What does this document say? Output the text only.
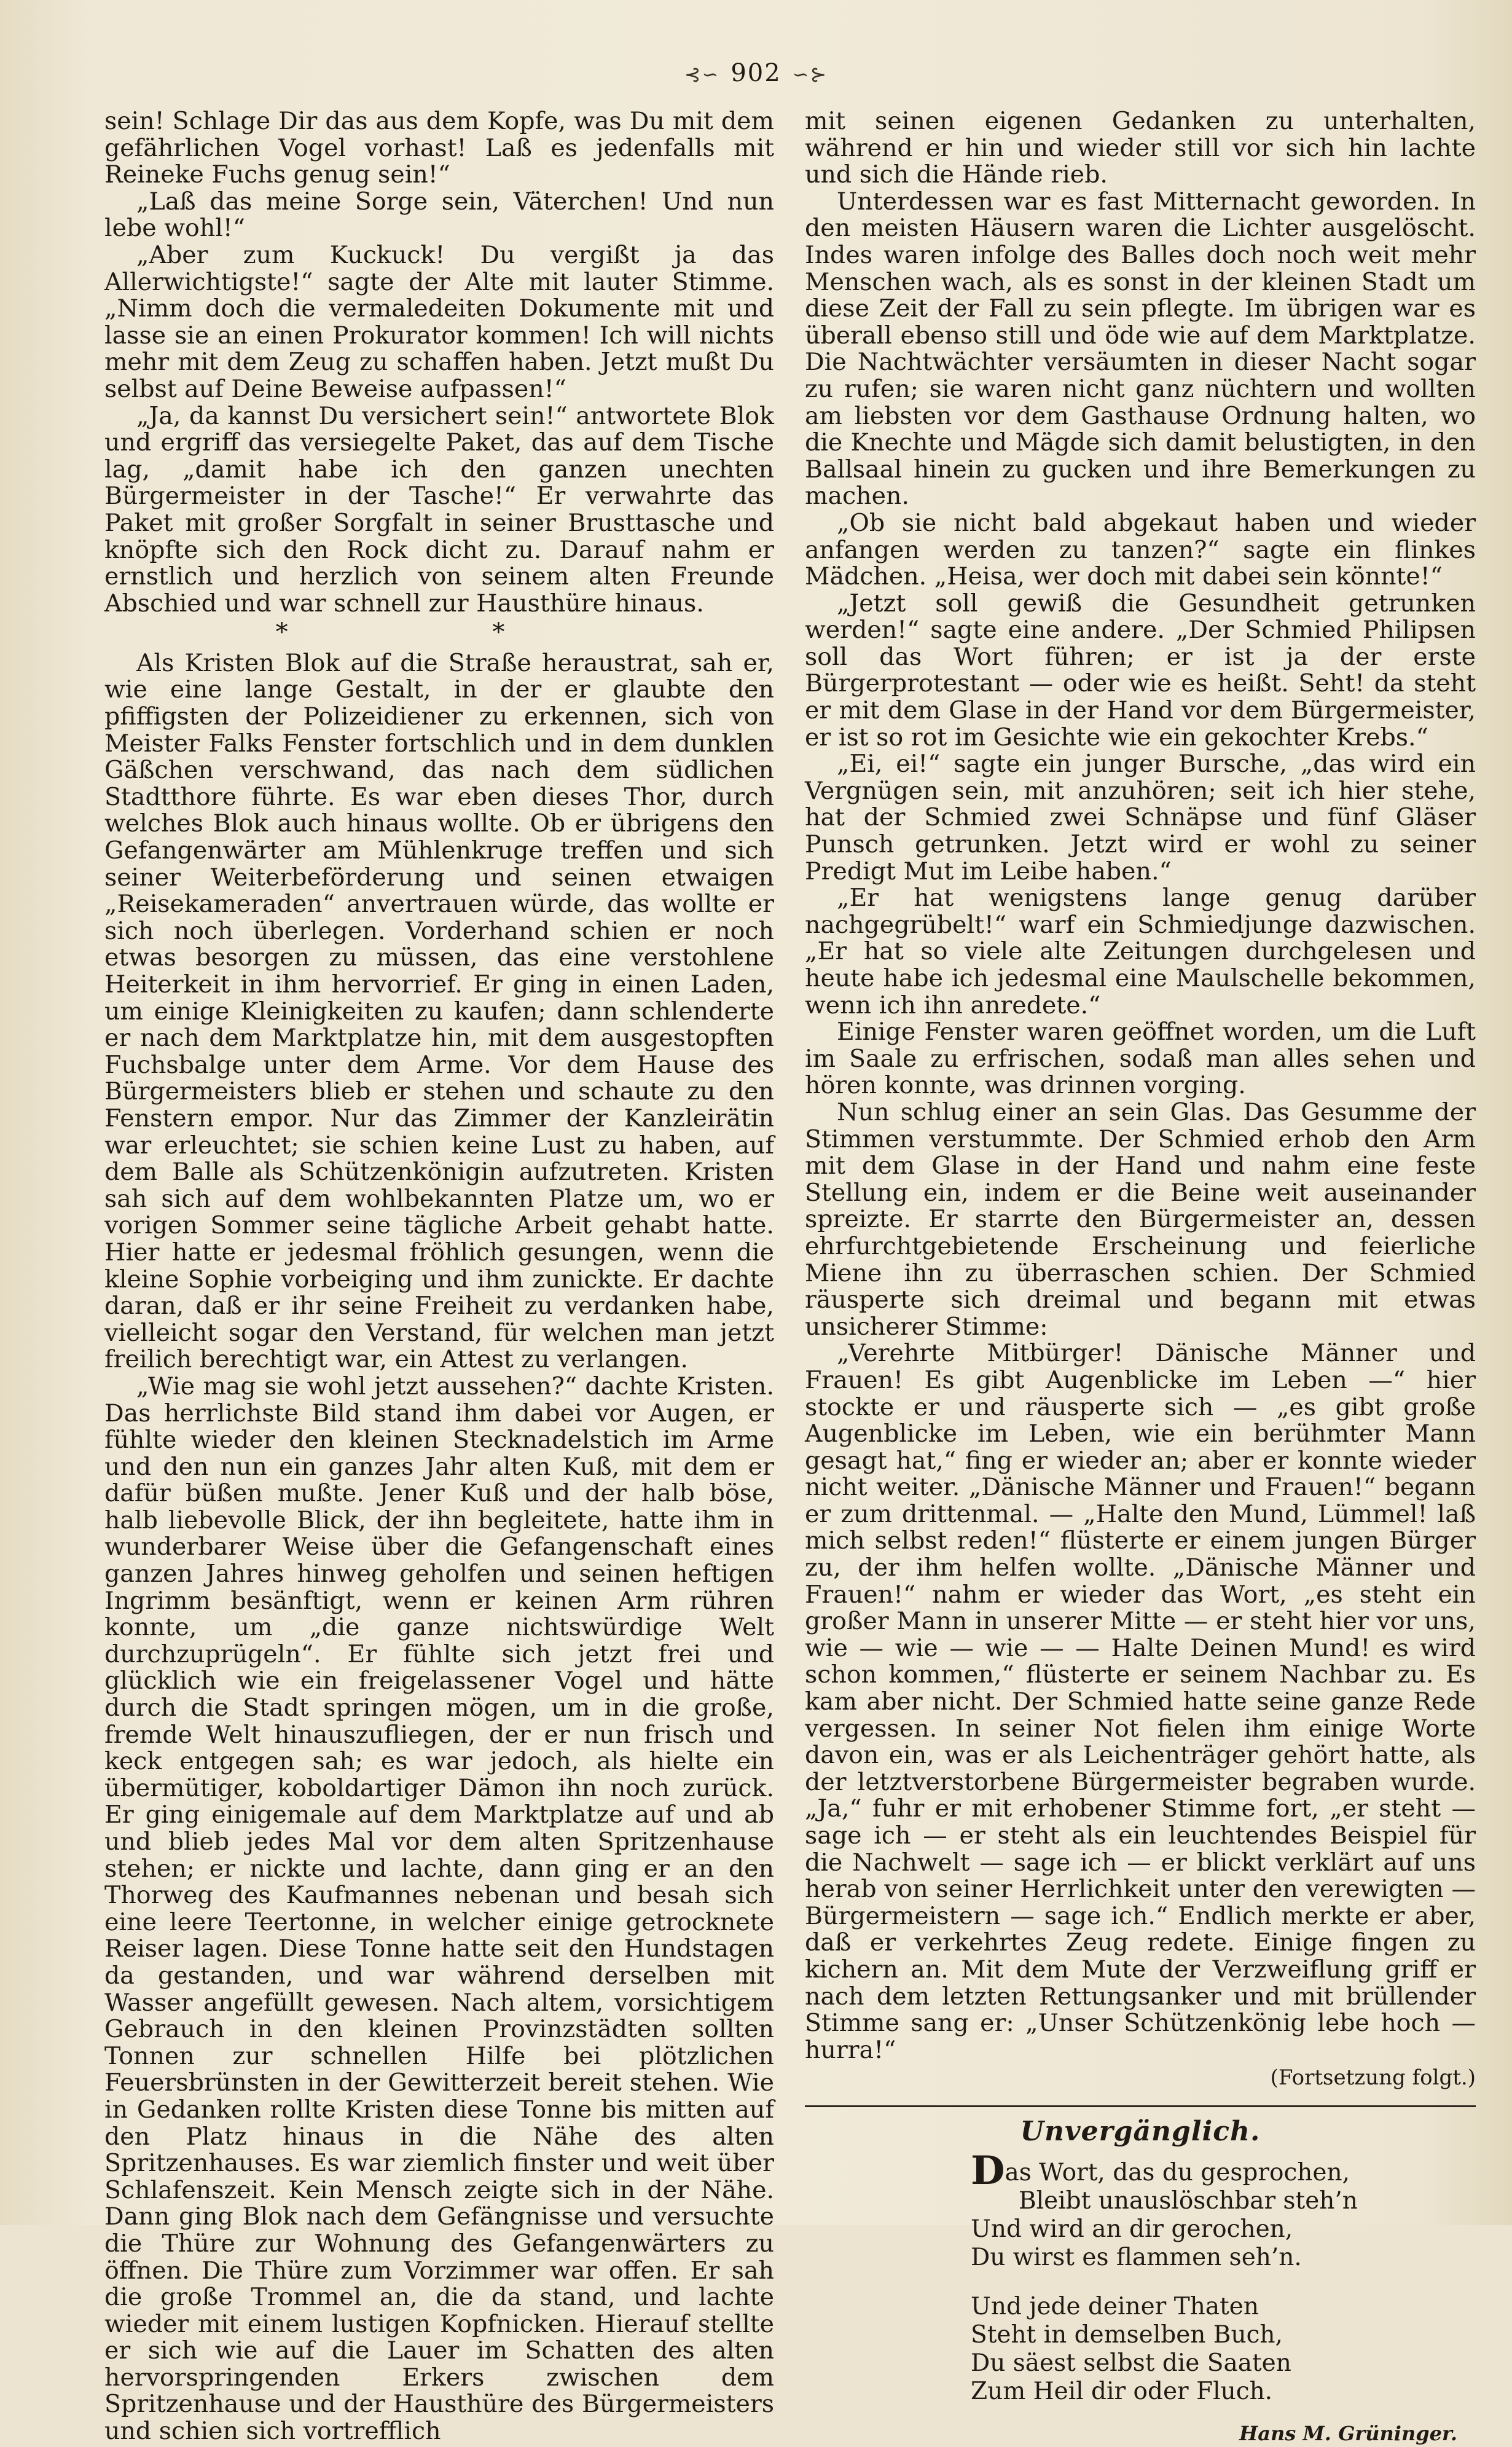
⊰∽ 902 ∽⊱

sein! Schlage Dir das aus dem Kopfe, was Du mit dem gefährlichen Vogel vorhast! Laß es jedenfalls mit Reineke Fuchs genug sein!“

„Laß das meine Sorge sein, Väterchen! Und nun lebe wohl!“

„Aber zum Kuckuck! Du vergißt ja das Allerwichtigste!“ sagte der Alte mit lauter Stimme. „Nimm doch die vermaledeiten Dokumente mit und lasse sie an einen Prokurator kommen! Ich will nichts mehr mit dem Zeug zu schaffen haben. Jetzt mußt Du selbst auf Deine Beweise aufpassen!“

„Ja, da kannst Du versichert sein!“ antwortete Blok und ergriff das versiegelte Paket, das auf dem Tische lag, „damit habe ich den ganzen unechten Bürgermeister in der Tasche!“ Er verwahrte das Paket mit großer Sorgfalt in seiner Brusttasche und knöpfte sich den Rock dicht zu. Darauf nahm er ernstlich und herzlich von seinem alten Freunde Abschied und war schnell zur Hausthüre hinaus.

* *

Als Kristen Blok auf die Straße heraustrat, sah er, wie eine lange Gestalt, in der er glaubte den pfiffigsten der Polizeidiener zu erkennen, sich von Meister Falks Fenster fortschlich und in dem dunklen Gäßchen verschwand, das nach dem südlichen Stadtthore führte. Es war eben dieses Thor, durch welches Blok auch hinaus wollte. Ob er übrigens den Gefangenwärter am Mühlenkruge treffen und sich seiner Weiterbeförderung und seinen etwaigen „Reisekameraden“ anvertrauen würde, das wollte er sich noch überlegen. Vorderhand schien er noch etwas besorgen zu müssen, das eine verstohlene Heiterkeit in ihm hervorrief. Er ging in einen Laden, um einige Kleinigkeiten zu kaufen; dann schlenderte er nach dem Marktplatze hin, mit dem ausgestopften Fuchsbalge unter dem Arme. Vor dem Hause des Bürgermeisters blieb er stehen und schaute zu den Fenstern empor. Nur das Zimmer der Kanzleirätin war erleuchtet; sie schien keine Lust zu haben, auf dem Balle als Schützenkönigin aufzutreten. Kristen sah sich auf dem wohlbekannten Platze um, wo er vorigen Sommer seine tägliche Arbeit gehabt hatte. Hier hatte er jedesmal fröhlich gesungen, wenn die kleine Sophie vorbeiging und ihm zunickte. Er dachte daran, daß er ihr seine Freiheit zu verdanken habe, vielleicht sogar den Verstand, für welchen man jetzt freilich berechtigt war, ein Attest zu verlangen.

„Wie mag sie wohl jetzt aussehen?“ dachte Kristen. Das herrlichste Bild stand ihm dabei vor Augen, er fühlte wieder den kleinen Stecknadelstich im Arme und den nun ein ganzes Jahr alten Kuß, mit dem er dafür büßen mußte. Jener Kuß und der halb böse, halb liebevolle Blick, der ihn begleitete, hatte ihm in wunderbarer Weise über die Gefangenschaft eines ganzen Jahres hinweg geholfen und seinen heftigen Ingrimm besänftigt, wenn er keinen Arm rühren konnte, um „die ganze nichtswürdige Welt durchzuprügeln“. Er fühlte sich jetzt frei und glücklich wie ein freigelassener Vogel und hätte durch die Stadt springen mögen, um in die große, fremde Welt hinauszufliegen, der er nun frisch und keck entgegen sah; es war jedoch, als hielte ein übermütiger, koboldartiger Dämon ihn noch zurück. Er ging einigemale auf dem Marktplatze auf und ab und blieb jedes Mal vor dem alten Spritzenhause stehen; er nickte und lachte, dann ging er an den Thorweg des Kaufmannes nebenan und besah sich eine leere Teertonne, in welcher einige getrocknete Reiser lagen. Diese Tonne hatte seit den Hundstagen da gestanden, und war während derselben mit Wasser angefüllt gewesen. Nach altem, vorsichtigem Gebrauch in den kleinen Provinzstädten sollten Tonnen zur schnellen Hilfe bei plötzlichen Feuersbrünsten in der Gewitterzeit bereit stehen. Wie in Gedanken rollte Kristen diese Tonne bis mitten auf den Platz hinaus in die Nähe des alten Spritzenhauses. Es war ziemlich finster und weit über Schlafenszeit. Kein Mensch zeigte sich in der Nähe. Dann ging Blok nach dem Gefängnisse und versuchte die Thüre zur Wohnung des Gefangenwärters zu öffnen. Die Thüre zum Vorzimmer war offen. Er sah die große Trommel an, die da stand, und lachte wieder mit einem lustigen Kopfnicken. Hierauf stellte er sich wie auf die Lauer im Schatten des alten hervorspringenden Erkers zwischen dem Spritzenhause und der Hausthüre des Bürgermeisters und schien sich vortrefflich

mit seinen eigenen Gedanken zu unterhalten, während er hin und wieder still vor sich hin lachte und sich die Hände rieb.

Unterdessen war es fast Mitternacht geworden. In den meisten Häusern waren die Lichter ausgelöscht. Indes waren infolge des Balles doch noch weit mehr Menschen wach, als es sonst in der kleinen Stadt um diese Zeit der Fall zu sein pflegte. Im übrigen war es überall ebenso still und öde wie auf dem Marktplatze. Die Nachtwächter versäumten in dieser Nacht sogar zu rufen; sie waren nicht ganz nüchtern und wollten am liebsten vor dem Gasthause Ordnung halten, wo die Knechte und Mägde sich damit belustigten, in den Ballsaal hinein zu gucken und ihre Bemerkungen zu machen.

„Ob sie nicht bald abgekaut haben und wieder anfangen werden zu tanzen?“ sagte ein flinkes Mädchen. „Heisa, wer doch mit dabei sein könnte!“

„Jetzt soll gewiß die Gesundheit getrunken werden!“ sagte eine andere. „Der Schmied Philipsen soll das Wort führen; er ist ja der erste Bürgerprotestant — oder wie es heißt. Seht! da steht er mit dem Glase in der Hand vor dem Bürgermeister, er ist so rot im Gesichte wie ein gekochter Krebs.“

„Ei, ei!“ sagte ein junger Bursche, „das wird ein Vergnügen sein, mit anzuhören; seit ich hier stehe, hat der Schmied zwei Schnäpse und fünf Gläser Punsch getrunken. Jetzt wird er wohl zu seiner Predigt Mut im Leibe haben.“

„Er hat wenigstens lange genug darüber nachgegrübelt!“ warf ein Schmiedjunge dazwischen. „Er hat so viele alte Zeitungen durchgelesen und heute habe ich jedesmal eine Maulschelle bekommen, wenn ich ihn anredete.“

Einige Fenster waren geöffnet worden, um die Luft im Saale zu erfrischen, sodaß man alles sehen und hören konnte, was drinnen vorging.

Nun schlug einer an sein Glas. Das Gesumme der Stimmen verstummte. Der Schmied erhob den Arm mit dem Glase in der Hand und nahm eine feste Stellung ein, indem er die Beine weit auseinander spreizte. Er starrte den Bürgermeister an, dessen ehrfurchtgebietende Erscheinung und feierliche Miene ihn zu überraschen schien. Der Schmied räusperte sich dreimal und begann mit etwas unsicherer Stimme:

„Verehrte Mitbürger! Dänische Männer und Frauen! Es gibt Augenblicke im Leben —“ hier stockte er und räusperte sich — „es gibt große Augenblicke im Leben, wie ein berühmter Mann gesagt hat,“ fing er wieder an; aber er konnte wieder nicht weiter. „Dänische Männer und Frauen!“ begann er zum drittenmal. — „Halte den Mund, Lümmel! laß mich selbst reden!“ flüsterte er einem jungen Bürger zu, der ihm helfen wollte. „Dänische Männer und Frauen!“ nahm er wieder das Wort, „es steht ein großer Mann in unserer Mitte — er steht hier vor uns, wie — wie — wie — — Halte Deinen Mund! es wird schon kommen,“ flüsterte er seinem Nachbar zu. Es kam aber nicht. Der Schmied hatte seine ganze Rede vergessen. In seiner Not fielen ihm einige Worte davon ein, was er als Leichenträger gehört hatte, als der letztverstorbene Bürgermeister begraben wurde. „Ja,“ fuhr er mit erhobener Stimme fort, „er steht — sage ich — er steht als ein leuchtendes Beispiel für die Nachwelt — sage ich — er blickt verklärt auf uns herab von seiner Herrlichkeit unter den verewigten — Bürgermeistern — sage ich.“ Endlich merkte er aber, daß er verkehrtes Zeug redete. Einige fingen zu kichern an. Mit dem Mute der Verzweiflung griff er nach dem letzten Rettungsanker und mit brüllender Stimme sang er: „Unser Schützenkönig lebe hoch — hurra!“

(Fortsetzung folgt.)
Unvergänglich.
Das Wort, das du gesprochen,
Bleibt unauslöschbar steh’n
Und wird an dir gerochen,
Du wirst es flammen seh’n.
Und jede deiner Thaten
Steht in demselben Buch,
Du säest selbst die Saaten
Zum Heil dir oder Fluch.
Hans M. Grüninger.
